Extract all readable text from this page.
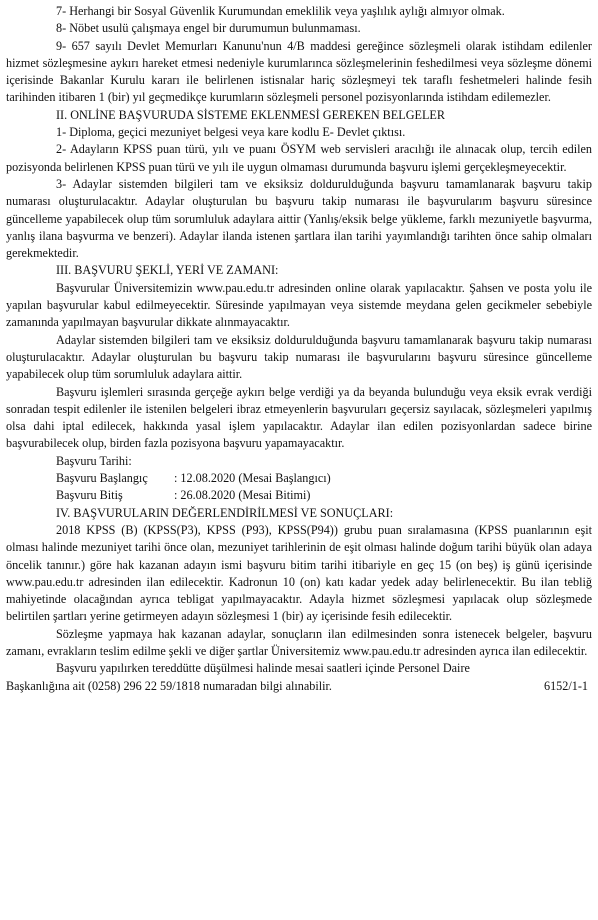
7- Herhangi bir Sosyal Güvenlik Kurumundan emeklilik veya yaşlılık aylığı almıyor olmak.

8- Nöbet usulü çalışmaya engel bir durumumun bulunmaması.

9- 657 sayılı Devlet Memurları Kanunu'nun 4/B maddesi gereğince sözleşmeli olarak istihdam edilenler hizmet sözleşmesine aykırı hareket etmesi nedeniyle kurumlarınca sözleşmelerinin feshedilmesi veya sözleşme dönemi içerisinde Bakanlar Kurulu kararı ile belirlenen istisnalar hariç sözleşmeyi tek taraflı feshetmeleri halinde fesih tarihinden itibaren 1 (bir) yıl geçmedikçe kurumların sözleşmeli personel pozisyonlarında istihdam edilemezler.

II. ONLİNE BAŞVURUDA SİSTEME EKLENMESİ GEREKEN BELGELER

1- Diploma, geçici mezuniyet belgesi veya kare kodlu E- Devlet çıktısı.

2- Adayların KPSS puan türü, yılı ve puanı ÖSYM web servisleri aracılığı ile alınacak olup, tercih edilen pozisyonda belirlenen KPSS puan türü ve yılı ile uygun olmaması durumunda başvuru işlemi gerçekleşmeyecektir.

3- Adaylar sistemden bilgileri tam ve eksiksiz doldurulduğunda başvuru tamamlanarak başvuru takip numarası oluşturulacaktır. Adaylar oluşturulan bu başvuru takip numarası ile başvurularım başvuru süresince güncelleme yapabilecek olup tüm sorumluluk adaylara aittir (Yanlış/eksik belge yükleme, farklı mezuniyetle başvurma, yanlış ilana başvurma ve benzeri). Adaylar ilanda istenen şartlara ilan tarihi yayımlandığı tarihten önce sahip olmaları gerekmektedir.

III. BAŞVURU ŞEKLİ, YERİ VE ZAMANI:

Başvurular Üniversitemizin www.pau.edu.tr adresinden online olarak yapılacaktır. Şahsen ve posta yolu ile yapılan başvurular kabul edilmeyecektir. Süresinde yapılmayan veya sistemde meydana gelen gecikmeler sebebiyle zamanında yapılmayan başvurular dikkate alınmayacaktır.

Adaylar sistemden bilgileri tam ve eksiksiz doldurulduğunda başvuru tamamlanarak başvuru takip numarası oluşturulacaktır. Adaylar oluşturulan bu başvuru takip numarası ile başvurularını başvuru süresince güncelleme yapabilecek olup tüm sorumluluk adaylara aittir.

Başvuru işlemleri sırasında gerçeğe aykırı belge verdiği ya da beyanda bulunduğu veya eksik evrak verdiği sonradan tespit edilenler ile istenilen belgeleri ibraz etmeyenlerin başvuruları geçersiz sayılacak, sözleşmeleri yapılmış olsa dahi iptal edilecek, hakkında yasal işlem yapılacaktır. Adaylar ilan edilen pozisyonlardan sadece birine başvurabilecek olup, birden fazla pozisyona başvuru yapamayacaktır.

Başvuru Tarihi:

Başvuru Başlangıç	: 12.08.2020 (Mesai Başlangıcı)
Başvuru Bitiş	: 26.08.2020 (Mesai Bitimi)

IV. BAŞVURULARIN DEĞERLENDİRİLMESİ VE SONUÇLARI:

2018 KPSS (B) (KPSS(P3), KPSS (P93), KPSS(P94)) grubu puan sıralamasına (KPSS puanlarının eşit olması halinde mezuniyet tarihi önce olan, mezuniyet tarihlerinin de eşit olması halinde doğum tarihi büyük olan adaya öncelik tanınır.) göre hak kazanan adayın ismi başvuru bitim tarihi itibariyle en geç 15 (on beş) iş günü içerisinde www.pau.edu.tr adresinden ilan edilecektir. Kadronun 10 (on) katı kadar yedek aday belirlenecektir. Bu ilan tebliğ mahiyetinde olacağından ayrıca tebligat yapılmayacaktır. Adayla hizmet sözleşmesi yapılacak olup sözleşmede belirtilen şartları yerine getirmeyen adayın sözleşmesi 1 (bir) ay içerisinde fesih edilecektir.

Sözleşme yapmaya hak kazanan adaylar, sonuçların ilan edilmesinden sonra istenecek belgeler, başvuru zamanı, evrakların teslim edilme şekli ve diğer şartlar Üniversitemiz www.pau.edu.tr adresinden ayrıca ilan edilecektir.

Başvuru yapılırken tereddütte düşülmesi halinde mesai saatleri içinde Personel Daire

Başkanlığına ait (0258) 296 22 59/1818 numaradan bilgi alınabilir.	6152/1-1
